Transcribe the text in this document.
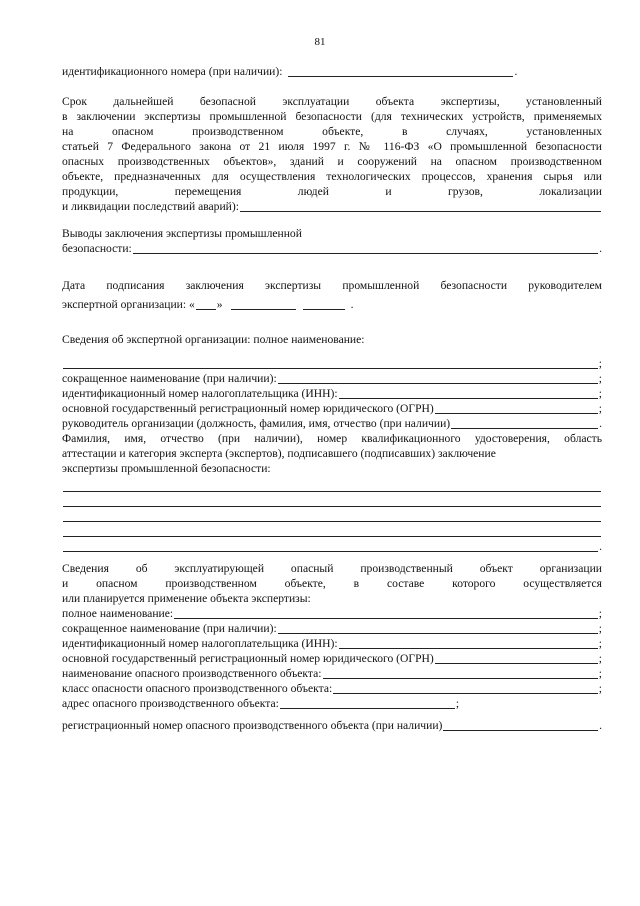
81
идентификационного номера (при наличии):	.
Срок дальнейшей безопасной эксплуатации объекта экспертизы, установленный
в заключении экспертизы промышленной безопасности (для технических устройств, применяемых
на опасном производственном объекте, в случаях, установленных
статьей 7 Федерального закона от 21 июля 1997 г. № 116-ФЗ «О промышленной безопасности
опасных производственных объектов», зданий и сооружений на опасном производственном
объекте, предназначенных для осуществления технологических процессов, хранения сырья или
продукции, перемещения людей и грузов, локализации
и ликвидации последствий аварий):
Выводы заключения экспертизы промышленной
безопасности:	.
Дата подписания заключения экспертизы промышленной безопасности руководителем
экспертной организации: « »	.
Сведения об экспертной организации: полное наименование:
;
сокращенное наименование (при наличии):	;
идентификационный номер налогоплательщика (ИНН):	;
основной государственный регистрационный номер юридического (ОГРН)	;
руководитель организации (должность, фамилия, имя, отчество (при наличии)	.
Фамилия, имя, отчество (при наличии), номер квалификационного удостоверения, область
аттестации и категория эксперта (экспертов), подписавшего (подписавших) заключение
экспертизы промышленной безопасности:
.
Сведения об эксплуатирующей опасный производственный объект организации
и опасном производственном объекте, в составе которого осуществляется
или планируется применение объекта экспертизы:
полное наименование:	;
сокращенное наименование (при наличии):	;
идентификационный номер налогоплательщика (ИНН):	;
основной государственный регистрационный номер юридического (ОГРН)	;
наименование опасного производственного объекта:	;
класс опасности опасного производственного объекта:	;
адрес опасного производственного объекта:	;
регистрационный номер опасного производственного объекта (при наличии)	.
